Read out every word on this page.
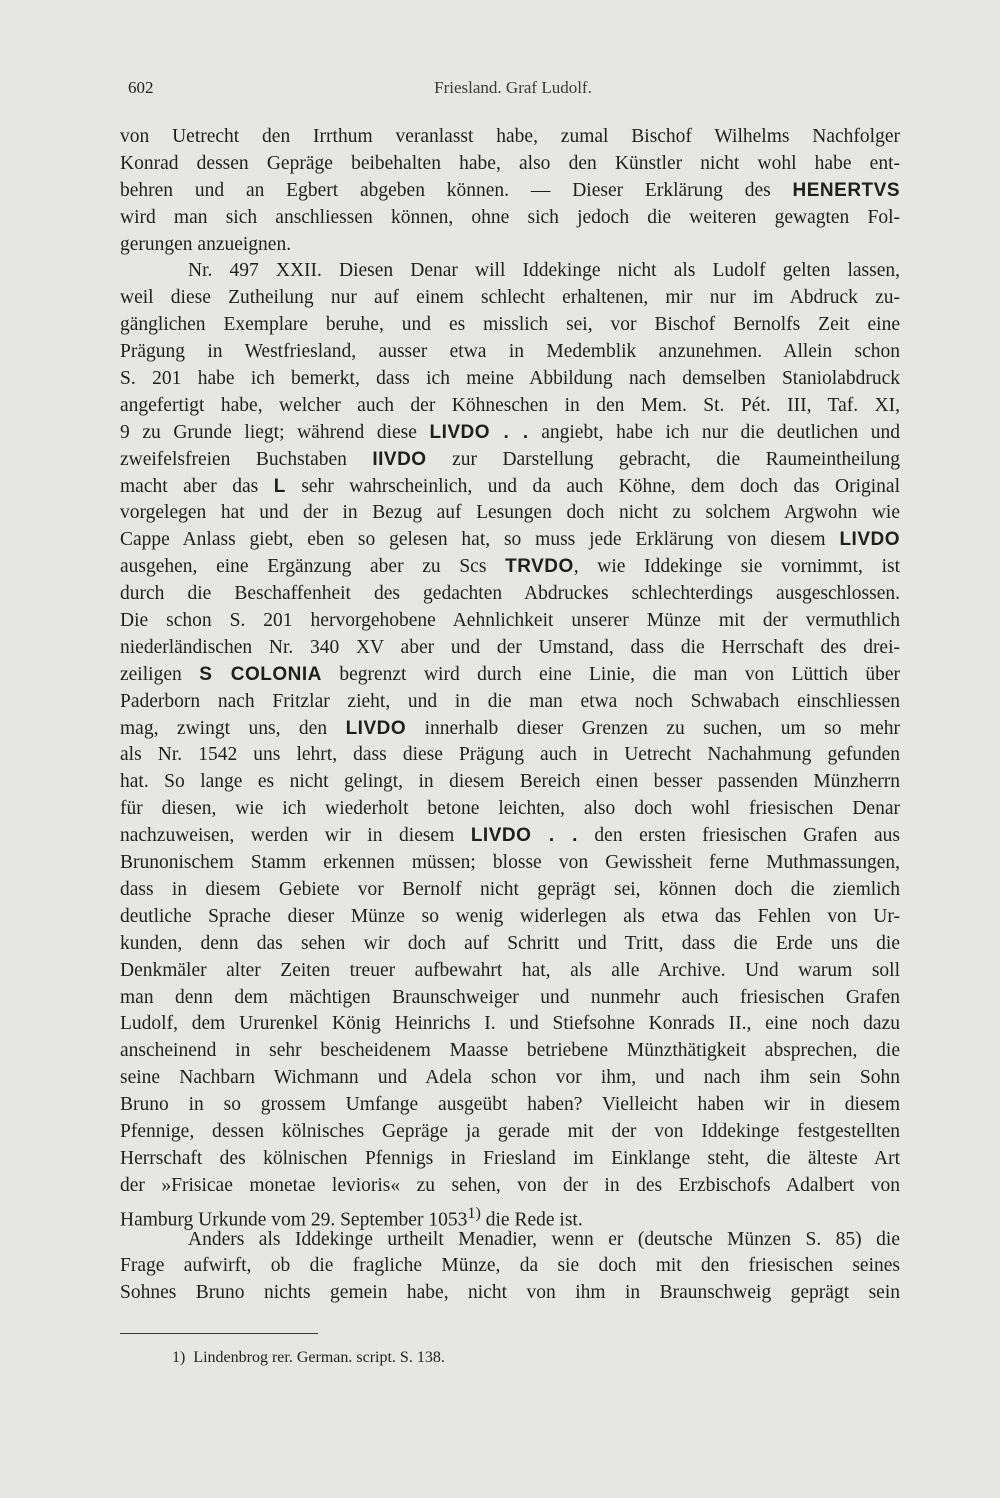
602	Friesland. Graf Ludolf.
von Uetrecht den Irrthum veranlasst habe, zumal Bischof Wilhelms Nachfolger
Konrad dessen Gepräge beibehalten habe, also den Künstler nicht wohl habe ent-
behren und an Egbert abgeben können. — Dieser Erklärung des HENERTVS
wird man sich anschliessen können, ohne sich jedoch die weiteren gewagten Fol-
gerungen anzueignen.
Nr. 497 XXII. Diesen Denar will Iddekinge nicht als Ludolf gelten lassen,
weil diese Zutheilung nur auf einem schlecht erhaltenen, mir nur im Abdruck zu-
gänglichen Exemplare beruhe, und es misslich sei, vor Bischof Bernolfs Zeit eine
Prägung in Westfriesland, ausser etwa in Medemblik anzunehmen. Allein schon
S. 201 habe ich bemerkt, dass ich meine Abbildung nach demselben Staniolabdruck
angefertigt habe, welcher auch der Köhneschen in den Mem. St. Pét. III, Taf. XI,
9 zu Grunde liegt; während diese LIVDO . . angiebt, habe ich nur die deutlichen und
zweifelsfreien Buchstaben IIVDO zur Darstellung gebracht, die Raumeintheilung
macht aber das L sehr wahrscheinlich, und da auch Köhne, dem doch das Original
vorgelegen hat und der in Bezug auf Lesungen doch nicht zu solchem Argwohn wie
Cappe Anlass giebt, eben so gelesen hat, so muss jede Erklärung von diesem LIVDO
ausgehen, eine Ergänzung aber zu Scs TRVDO, wie Iddekinge sie vornimmt, ist
durch die Beschaffenheit des gedachten Abdruckes schlechterdings ausgeschlossen.
Die schon S. 201 hervorgehobene Aehnlichkeit unserer Münze mit der vermuthlich
niederländischen Nr. 340 XV aber und der Umstand, dass die Herrschaft des drei-
zeiligen S COLONIA begrenzt wird durch eine Linie, die man von Lüttich über
Paderborn nach Fritzlar zieht, und in die man etwa noch Schwabach einschliessen
mag, zwingt uns, den LIVDO innerhalb dieser Grenzen zu suchen, um so mehr
als Nr. 1542 uns lehrt, dass diese Prägung auch in Uetrecht Nachahmung gefunden
hat. So lange es nicht gelingt, in diesem Bereich einen besser passenden Münzherrn
für diesen, wie ich wiederholt betone leichten, also doch wohl friesischen Denar
nachzuweisen, werden wir in diesem LIVDO . . den ersten friesischen Grafen aus
Brunonischem Stamm erkennen müssen; blosse von Gewissheit ferne Muthmassungen,
dass in diesem Gebiete vor Bernolf nicht geprägt sei, können doch die ziemlich
deutliche Sprache dieser Münze so wenig widerlegen als etwa das Fehlen von Ur-
kunden, denn das sehen wir doch auf Schritt und Tritt, dass die Erde uns die
Denkmäler alter Zeiten treuer aufbewahrt hat, als alle Archive. Und warum soll
man denn dem mächtigen Braunschweiger und nunmehr auch friesischen Grafen
Ludolf, dem Ururenkel König Heinrichs I. und Stiefsohne Konrads II., eine noch dazu
anscheinend in sehr bescheidenem Maasse betriebene Münzthätigkeit absprechen, die
seine Nachbarn Wichmann und Adela schon vor ihm, und nach ihm sein Sohn
Bruno in so grossem Umfange ausgeübt haben? Vielleicht haben wir in diesem
Pfennige, dessen kölnisches Gepräge ja gerade mit der von Iddekinge festgestellten
Herrschaft des kölnischen Pfennigs in Friesland im Einklange steht, die älteste Art
der »Frisicae monetae levioris« zu sehen, von der in des Erzbischofs Adalbert von
Hamburg Urkunde vom 29. September 1053$^{1)}$ die Rede ist.
Anders als Iddekinge urtheilt Menadier, wenn er (deutsche Münzen S. 85) die
Frage aufwirft, ob die fragliche Münze, da sie doch mit den friesischen seines
Sohnes Bruno nichts gemein habe, nicht von ihm in Braunschweig geprägt sein
1) Lindenbrog rer. German. script. S. 138.
